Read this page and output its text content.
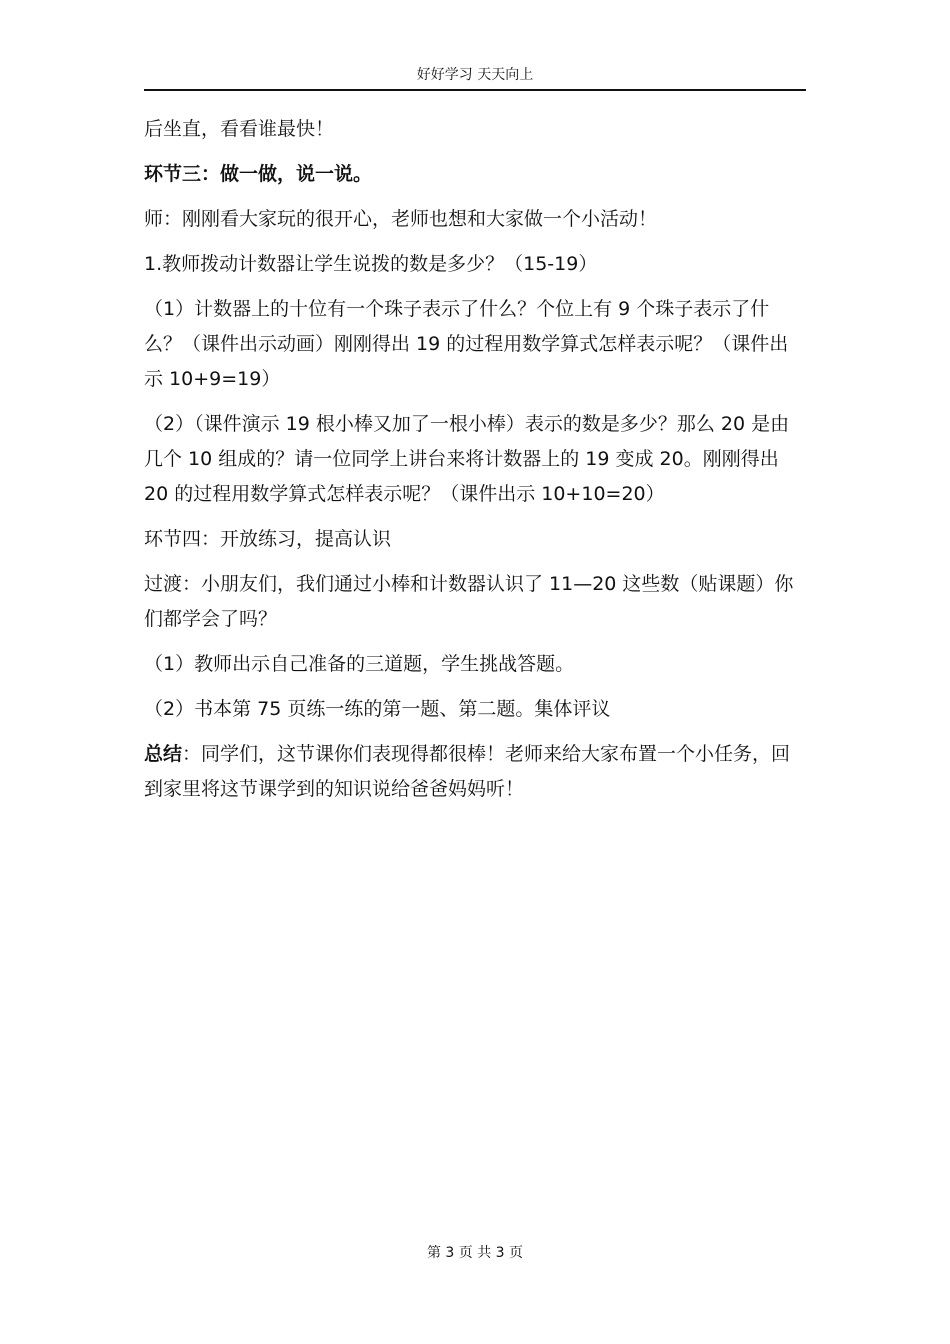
好好学习 天天向上

后坐直，看看谁最快！

环节三：做一做，说一说。

师：刚刚看大家玩的很开心，老师也想和大家做一个小活动！

1.教师拨动计数器让学生说拨的数是多少？（15-19）

（1）计数器上的十位有一个珠子表示了什么？个位上有 9 个珠子表示了什么？（课件出示动画）刚刚得出 19 的过程用数学算式怎样表示呢？（课件出示 10+9=19）

（2）（课件演示 19 根小棒又加了一根小棒）表示的数是多少？那么 20 是由几个 10 组成的？请一位同学上讲台来将计数器上的 19 变成 20。刚刚得出 20 的过程用数学算式怎样表示呢？（课件出示 10+10=20）

环节四：开放练习，提高认识

过渡：小朋友们，我们通过小棒和计数器认识了 11—20 这些数（贴课题）你们都学会了吗？

（1）教师出示自己准备的三道题，学生挑战答题。

（2）书本第 75 页练一练的第一题、第二题。集体评议

总结：同学们，这节课你们表现得都很棒！老师来给大家布置一个小任务，回到家里将这节课学到的知识说给爸爸妈妈听！

第 3 页 共 3 页
